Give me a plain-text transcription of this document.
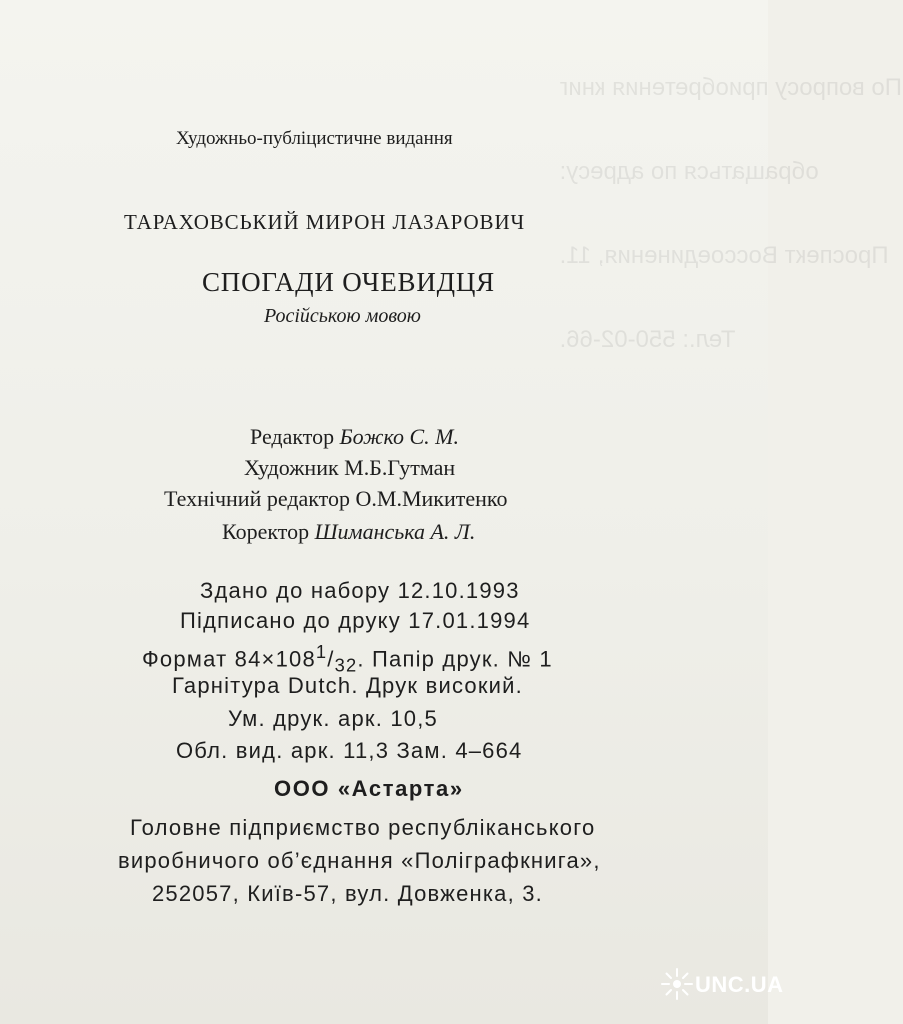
По вопросу приобретения книг

обращаться по адресу:

Проспект Воссоединения, 11.

Тел.: 550-02-66.

Художньо-публіцистичне видання
ТАРАХОВСЬКИЙ МИРОН ЛАЗАРОВИЧ
СПОГАДИ ОЧЕВИДЦЯ
Російською мовою
Редактор Божко С. М.
Художник М.Б.Гутман
Технічний редактор О.М.Микитенко
Коректор Шиманська А. Л.
Здано до набору 12.10.1993
Підписано до друку 17.01.1994
Формат $84\times 108^1/_{32}$. Папір друк. № 1
Гарнітура Dutch. Друк високий.
Ум. друк. арк. 10,5
Обл. вид. арк. 11,3 Зам. 4–664
ООО «Астарта»
Головне підприємство республіканського
виробничого об’єднання «Поліграфкнига»,
252057, Київ-57, вул. Довженка, 3.
UNC.UA
